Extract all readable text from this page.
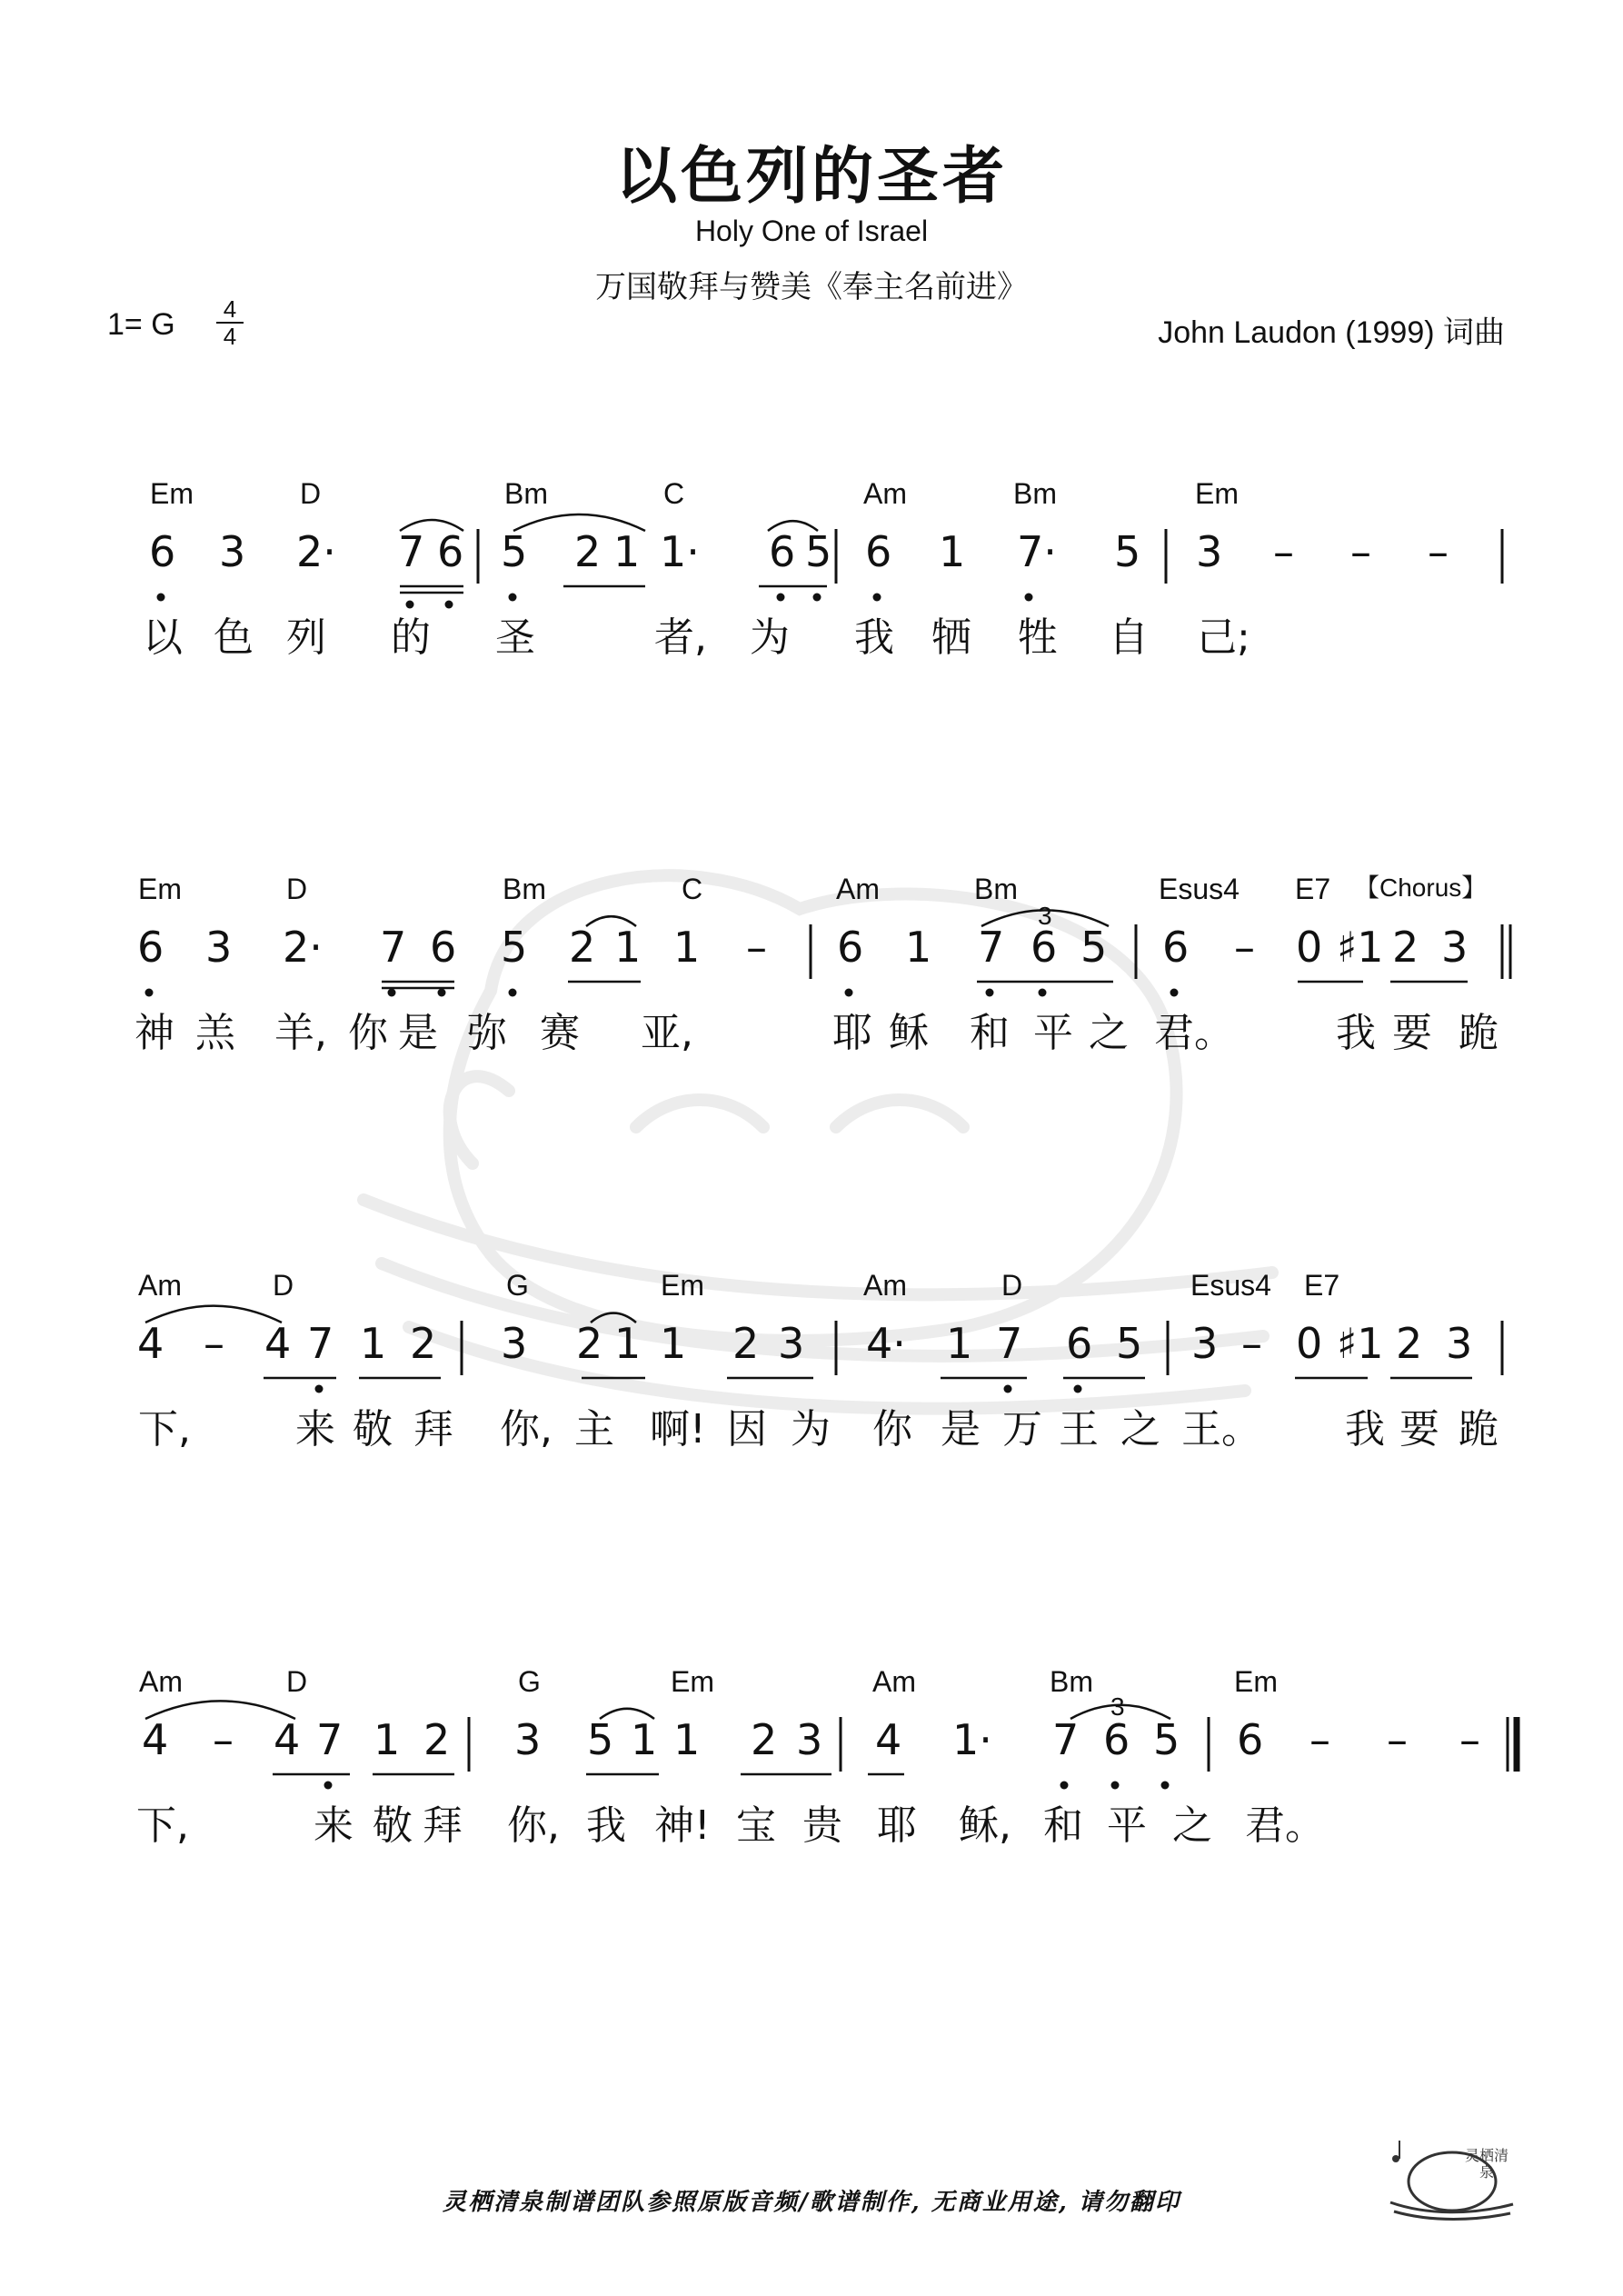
以色列的圣者
Holy One of Israel
万国敬拜与赞美《奉主名前进》
1= G 4
4	John Laudon (1999) 词曲
Em	D	Bm	C	Am	Bm	Em
6 3 2· 7 6 5 2 1 1· 6 5 6 1 7· 5 3 – – –
以 色 列 的 圣	者, 为 我 牺 牲 自 己;
Em	D	Bm	C	Am	Bm	Esus4 E7
6 3 2· 7 6 5 2 1 1 – 6 1 7 6 5 6 – 0 ♯1 2 3
神 羔 羊, 你 是 弥 赛 亚,	耶 稣 和 平 之 君。	我 要 跪
3
【Chorus】
Am	D	G	Em	Am	D	Esus4 E7
4 – 4 7 1 2 3 2 1 1 2 3 4· 1 7 6 5 3 – 0 ♯1 2 3
下,	来 敬 拜 你, 主 啊! 因 为 你 是 万 王 之 王。 我 要 跪
Am	D	G	Em	Am	Bm	Em
4 – 4 7 1 2 3 5 1 1 2 3 4 1· 7 6 5 6 – – –
下,	来 敬 拜 你, 我 神! 宝 贵 耶 稣, 和 平 之 君。
3
灵栖清泉制谱团队参照原版音频/歌谱制作, 无商业用途, 请勿翻印
灵栖清泉
